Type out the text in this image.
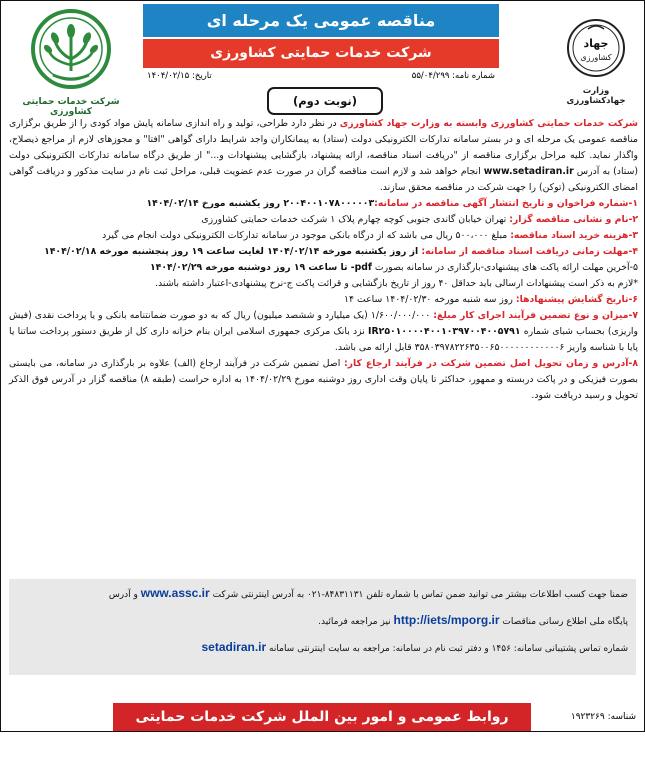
شرکت خدمات حمایتی کشاورزی
مناقصه عمومی یک مرحله ای
شرکت خدمات حمایتی کشاورزی
شماره نامه: ۵۵/۰۴/۲۹۹
تاریخ: ۱۴۰۴/۰۲/۱۵
(نوبت دوم)
جهاد
کشاورزی
وزارت جهادکشاورزی

شرکت خدمات حمایتی کشاورزی وابسته به وزارت جهاد کشاورزی در نظر دارد طراحی، تولید و راه اندازی سامانه پایش مواد کودی را از طریق برگزاری مناقصه عمومی یک مرحله ای و در بستر سامانه تدارکات الکترونیکی دولت (ستاد) به پیمانکاران واجد شرایط دارای گواهی "افتا" و مجوزهای لازم از مراجع ذیصلاح، واگذار نماید. کلیه مراحل برگزاری مناقصه از "دریافت اسناد مناقصه، ارائه پیشنهاد، بازگشایی پیشنهادات و..." از طریق درگاه سامانه تدارکات الکترونیکی دولت (ستاد) به آدرس www.setadiran.ir انجام خواهد شد و لازم است مناقصه گران در صورت عدم عضویت قبلی، مراحل ثبت نام در سایت مذکور و دریافت گواهی امضای الکترونیکی (توکن) را جهت شرکت در مناقصه محقق سازند.

۱-شماره فراخوان و تاریخ انتشار آگهی مناقصه در سامانه:۲۰۰۴۰۰۱۰۷۸۰۰۰۰۰۳ روز یکشنبه مورخ ۱۴۰۴/۰۲/۱۴

۲-نام و نشانی مناقصه گزار: تهران خیابان گاندی جنوبی کوچه چهارم پلاک ۱ شرکت خدمات حمایتی کشاورزی

۳-هزینه خرید اسناد مناقصه: مبلغ ۵۰۰،۰۰۰ ریال می باشد که از درگاه بانکی موجود در سامانه تدارکات الکترونیکی دولت انجام می گیرد

۴-مهلت زمانی دریافت اسناد مناقصه از سامانه: از روز یکشنبه مورخه ۱۴۰۴/۰۲/۱۴ لغایت ساعت ۱۹ روز پنجشنبه مورخه ۱۴۰۴/۰۲/۱۸

۵-آخرین مهلت ارائه پاکت های پیشنهادی-بارگذاری در سامانه بصورت pdf- تا ساعت ۱۹ روز دوشنبه مورخه ۱۴۰۴/۰۲/۲۹

*لازم به ذکر است پیشنهادات ارسالی باید حداقل ۴۰ روز از تاریخ بازگشایی و قرائت پاکت ج-نرخ پیشنهادی-اعتبار داشته باشند.

۶-تاریخ گشایش پیشنهادها: روز سه شنبه مورخه ۱۴۰۴/۰۲/۳۰ ساعت ۱۴

۷-میزان و نوع تضمین فرآیند اجرای کار مبلغ: ۱/۶۰۰/۰۰۰/۰۰۰ (یک میلیارد و ششصد میلیون) ریال که به دو صورت ضمانتنامه بانکی و یا پرداخت نقدی (فیش واریزی) بحساب شبای شماره IR۲۵۰۱۰۰۰۰۴۰۰۱۰۳۹۷۰۰۴۰۰۵۷۹۱ نزد بانک مرکزی جمهوری اسلامی ایران بنام خزانه داری کل از طریق دستور پرداخت ساتنا یا پایا با شناسه واریز ۳۵۸۰۳۹۷۸۲۲۶۳۵۰۰۶۵۰۰۰۰۰۰۰۰۰۰۰۰۶ قابل ارائه می باشد.

۸-آدرس و زمان تحویل اصل تضمین شرکت در فرآیند ارجاع کار: اصل تضمین شرکت در فرآیند ارجاع (الف) علاوه بر بارگذاری در سامانه، می بایستی بصورت فیزیکی و در پاکت دربسته و ممهور، حداکثر تا پایان وقت اداری روز دوشنبه مورخ ۱۴۰۴/۰۲/۲۹ به اداره حراست (طبقه ۸) مناقصه گزار در آدرس فوق الذکر تحویل و رسید دریافت شود.

ضمنا جهت کسب اطلاعات بیشتر می توانید ضمن تماس با شماره تلفن ۸۴۸۳۱۱۳۱-۰۲۱ به آدرس اینترنتی شرکت www.assc.ir و آدرس

پایگاه ملی اطلاع رسانی مناقصات http://iets/mporg.ir نیز مراجعه فرمائید.

شماره تماس پشتیبانی سامانه: ۱۴۵۶ و دفتر ثبت نام در سامانه: مراجعه به سایت اینترنتی سامانه setadiran.ir

روابط عمومی و امور بین الملل شرکت خدمات حمایتی کشاورزی
شناسه: ۱۹۲۳۲۶۹
